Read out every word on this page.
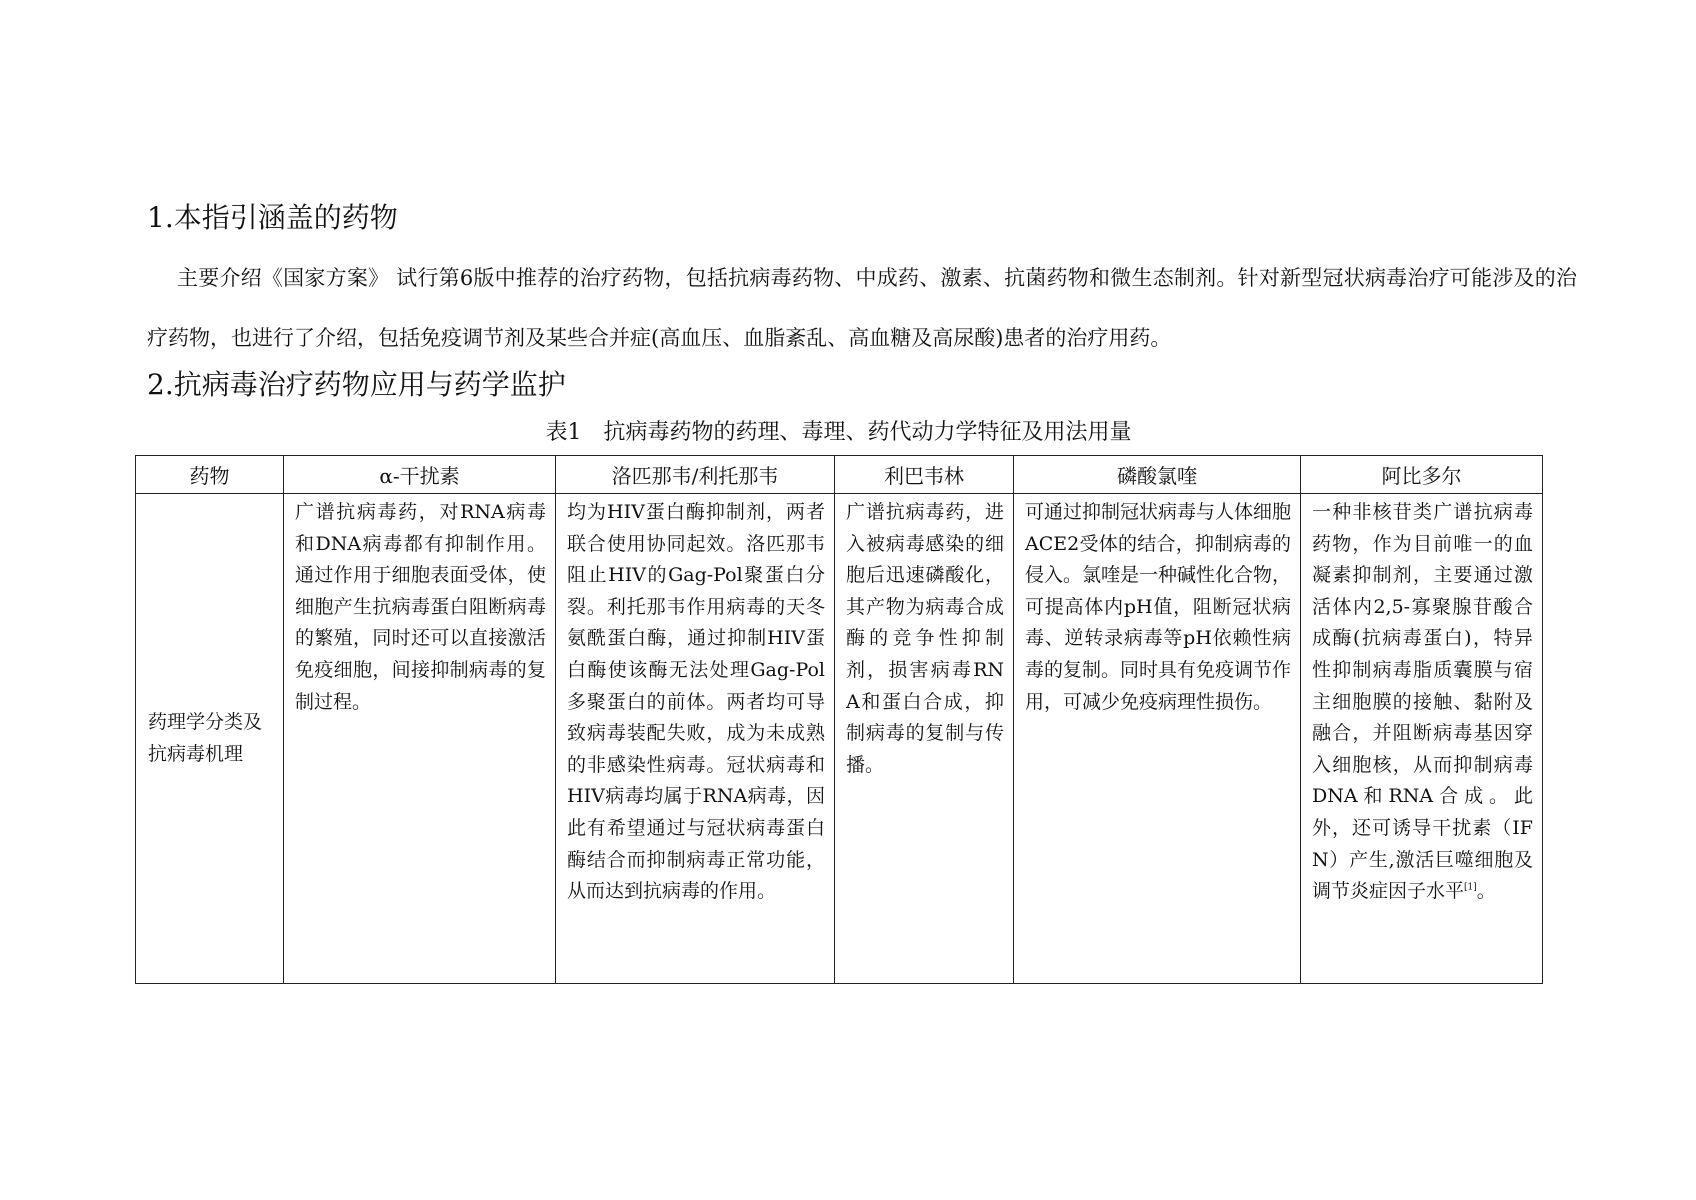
1.本指引涵盖的药物
主要介绍《国家方案》 试行第6版中推荐的治疗药物，包括抗病毒药物、中成药、激素、抗菌药物和微生态制剂。针对新型冠状病毒治疗可能涉及的治疗药物，也进行了介绍，包括免疫调节剂及某些合并症(高血压、血脂紊乱、高血糖及高尿酸)患者的治疗用药。
2.抗病毒治疗药物应用与药学监护
表1　抗病毒药物的药理、毒理、药代动力学特征及用法用量
药物	α-干扰素	洛匹那韦/利托那韦	利巴韦林	磷酸氯喹	阿比多尔
药理学分类及抗病毒机理	广谱抗病毒药，对RNA病毒和DNA病毒都有抑制作用。通过作用于细胞表面受体，使细胞产生抗病毒蛋白阻断病毒的繁殖，同时还可以直接激活免疫细胞，间接抑制病毒的复制过程。	均为HIV蛋白酶抑制剂，两者联合使用协同起效。洛匹那韦阻止HIV的Gag-Pol聚蛋白分裂。利托那韦作用病毒的天冬氨酰蛋白酶，通过抑制HIV蛋白酶使该酶无法处理Gag-Pol多聚蛋白的前体。两者均可导致病毒装配失败，成为未成熟的非感染性病毒。冠状病毒和HIV病毒均属于RNA病毒，因此有希望通过与冠状病毒蛋白酶结合而抑制病毒正常功能，从而达到抗病毒的作用。	广谱抗病毒药，进入被病毒感染的细胞后迅速磷酸化，其产物为病毒合成酶的竞争性抑制剂，损害病毒RNA和蛋白合成，抑制病毒的复制与传播。	可通过抑制冠状病毒与人体细胞ACE2受体的结合，抑制病毒的侵入。氯喹是一种碱性化合物，可提高体内pH值，阻断冠状病毒、逆转录病毒等pH依赖性病毒的复制。同时具有免疫调节作用，可减少免疫病理性损伤。	一种非核苷类广谱抗病毒药物，作为目前唯一的血凝素抑制剂，主要通过激活体内2,5-寡聚腺苷酸合成酶(抗病毒蛋白)，特异性抑制病毒脂质囊膜与宿主细胞膜的接触、黏附及融合，并阻断病毒基因穿入细胞核，从而抑制病毒DNA和RNA合成。此外，还可诱导干扰素（IFN）产生,激活巨噬细胞及调节炎症因子水平[1]。
